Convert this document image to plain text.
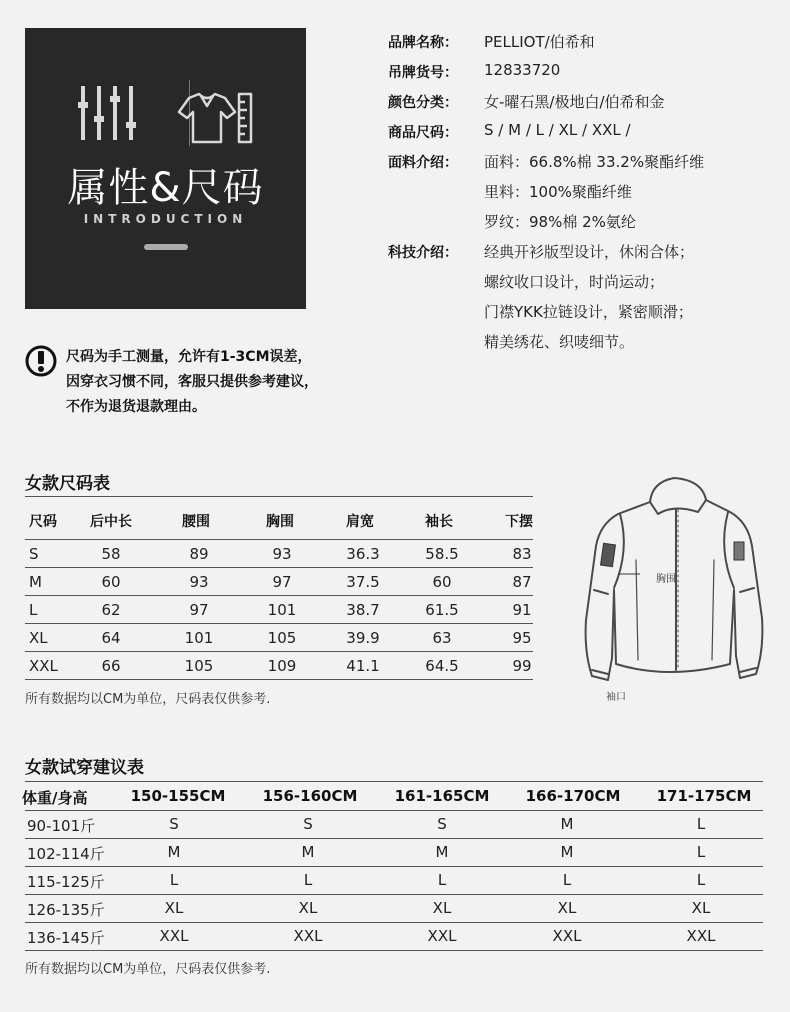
属性&尺码
INTRODUCTION
品牌名称： PELLIOT/伯希和
吊牌货号： 12833720
颜色分类： 女-曜石黑/极地白/伯希和金
商品尺码： S / M / L / XL / XXL /
面料介绍： 面料：66.8%棉 33.2%聚酯纤维
里料：100%聚酯纤维
罗纹：98%棉 2%氨纶
科技介绍： 经典开衫版型设计，休闲合体；
螺纹收口设计，时尚运动；
门襟YKK拉链设计，紧密顺滑；
精美绣花、织唛细节。
尺码为手工测量，允许有1-3CM误差，
因穿衣习惯不同，客服只提供参考建议，
不作为退货退款理由。
女款尺码表
尺码 后中长	腰围	胸围	肩宽	袖长	下摆
S	58	89	93	36.3	58.5	83
M	60	93	97	37.5	60	87
L	62	97	101	38.7	61.5	91
XL	64	101	105	39.9	63	95
XXL	66	105	109	41.1	64.5	99
所有数据均以CM为单位，尺码表仅供参考.
胸围
袖口
女款试穿建议表
体重/身高	150-155CM 156-160CM 161-165CM 166-170CM 171-175CM
90-101斤	S	S	S	M	L
102-114斤	M	M	M	M	L
115-125斤	L	L	L	L	L
126-135斤	XL	XL	XL	XL	XL
136-145斤	XXL	XXL	XXL	XXL	XXL
所有数据均以CM为单位，尺码表仅供参考.
